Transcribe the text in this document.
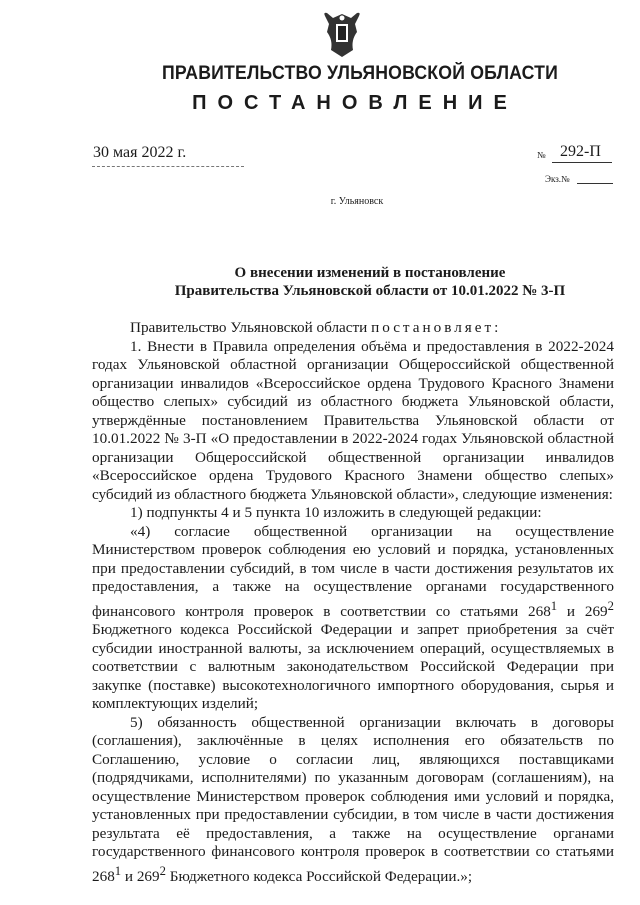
ПРАВИТЕЛЬСТВО УЛЬЯНОВСКОЙ ОБЛАСТИ
ПОСТАНОВЛЕНИЕ
30 мая 2022 г.	№ 292-П
Экз.№
г. Ульяновск
О внесении изменений в постановление
Правительства Ульяновской области от 10.01.2022 № 3-П

Правительство Ульяновской области постановляет:

1. Внести в Правила определения объёма и предоставления в 2022-2024 годах Ульяновской областной организации Общероссийской общественной организации инвалидов «Всероссийское ордена Трудового Красного Знамени общество слепых» субсидий из областного бюджета Ульяновской области, утверждённые постановлением Правительства Ульяновской области от 10.01.2022 № 3-П «О предоставлении в 2022-2024 годах Ульяновской областной организации Общероссийской общественной организации инвалидов «Всероссийское ордена Трудового Красного Знамени общество слепых» субсидий из областного бюджета Ульяновской области», следующие изменения:

1) подпункты 4 и 5 пункта 10 изложить в следующей редакции:

«4) согласие общественной организации на осуществление Министерством проверок соблюдения ею условий и порядка, установленных при предоставлении субсидий, в том числе в части достижения результатов их предоставления, а также на осуществление органами государственного финансового контроля проверок в соответствии со статьями $268^1$ и $269^2$ Бюджетного кодекса Российской Федерации и запрет приобретения за счёт субсидии иностранной валюты, за исключением операций, осуществляемых в соответствии с валютным законодательством Российской Федерации при закупке (поставке) высокотехнологичного импортного оборудования, сырья и комплектующих изделий;

5) обязанность общественной организации включать в договоры (соглашения), заключённые в целях исполнения его обязательств по Соглашению, условие о согласии лиц, являющихся поставщиками (подрядчиками, исполнителями) по указанным договорам (соглашениям), на осуществление Министерством проверок соблюдения ими условий и порядка, установленных при предоставлении субсидии, в том числе в части достижения результата её предоставления, а также на осуществление органами государственного финансового контроля проверок в соответствии со статьями $268^1$ и $269^2$ Бюджетного кодекса Российской Федерации.»;
